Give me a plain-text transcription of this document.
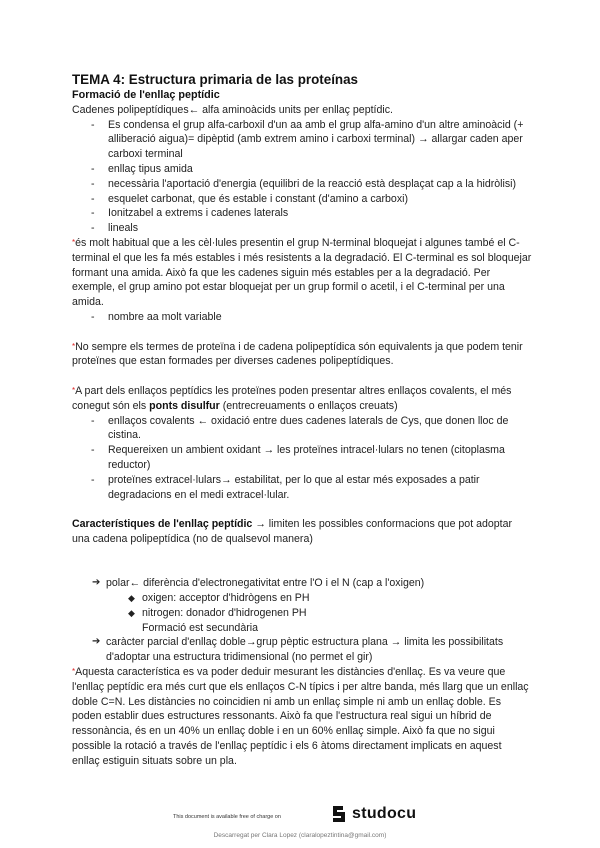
TEMA 4: Estructura primaria de las proteínas
Formació de l'enllaç peptídic

Cadenes polipeptídiques← alfa aminoàcids units per enllaç peptídic.

- Es condensa el grup alfa-carboxil d'un aa amb el grup alfa-amino d'un altre aminoàcid (+ alliberació aigua)= dipèptid (amb extrem amino i carboxi terminal) → allargar caden aper carboxi terminal
- enllaç tipus amida
- necessària l'aportació d'energia (equilibri de la reacció està desplaçat cap a la hidròlisi)
- esquelet carbonat, que és estable i constant (d'amino a carboxi)
- Ionitzabel a extrems i cadenes laterals
- lineals

*és molt habitual que a les cèl·lules presentin el grup N-terminal bloquejat i algunes també el C-terminal el que les fa més estables i més resistents a la degradació. El C-terminal es sol bloquejar formant una amida. Això fa que les cadenes siguin més estables per a la degradació. Per exemple, el grup amino pot estar bloquejat per un grup formil o acetil, i el C-terminal per una amida.

- nombre aa molt variable

*No sempre els termes de proteïna i de cadena polipeptídica són equivalents ja que podem tenir proteïnes que estan formades per diverses cadenes polipeptídiques.

*A part dels enllaços peptídics les proteïnes poden presentar altres enllaços covalents, el més conegut són els ponts disulfur (entrecreuaments o enllaços creuats)

- enllaços covalents ← oxidació entre dues cadenes laterals de Cys, que donen lloc de cistina.
- Requereixen un ambient oxidant → les proteïnes intracel·lulars no tenen (citoplasma reductor)
- proteïnes extracel·lulars→ estabilitat, per lo que al estar més exposades a patir degradacions en el medi extracel·lular.

Característiques de l'enllaç peptídic → limiten les possibles conformacions que pot adoptar una cadena polipeptídica (no de qualsevol manera)

➔ polar← diferència d'electronegativitat entre l'O i el N (cap a l'oxigen)
◆ oxigen: acceptor d'hidrògens en PH
◆ nitrogen: donador d'hidrogenen PH
Formació est secundària
➔ caràcter parcial d'enllaç doble→grup pèptic estructura plana → limita les possibilitats d'adoptar una estructura tridimensional (no permet el gir)

*Aquesta característica es va poder deduir mesurant les distàncies d'enllaç. Es va veure que l'enllaç peptídic era més curt que els enllaços C-N típics i per altre banda, més llarg que un enllaç doble C=N. Les distàncies no coincidien ni amb un enllaç simple ni amb un enllaç doble. Es poden establir dues estructures ressonants. Això fa que l'estructura real sigui un híbrid de ressonància, és en un 40% un enllaç doble i en un 60% enllaç simple. Això fa que no sigui possible la rotació a través de l'enllaç peptídic i els 6 àtoms directament implicats en aquest enllaç estiguin situats sobre un pla.

This document is available free of charge on	studocu
Descarregat per Clara Lopez (claralopeztintina@gmail.com)
